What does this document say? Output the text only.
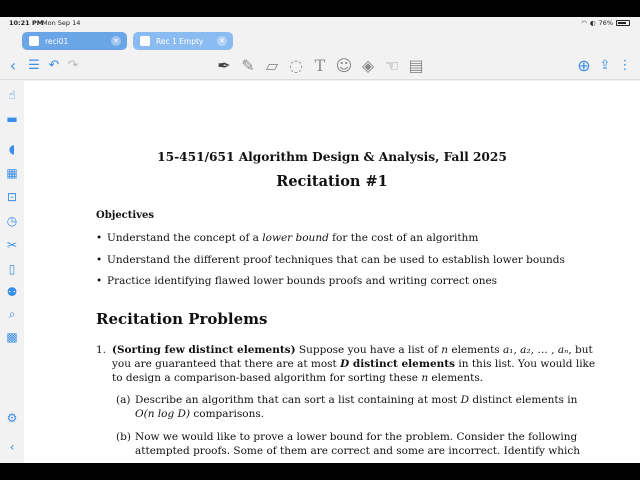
10:21 PM
Mon Sep 14	◠ ◐ 76%
reci01	✕	Rec 1 Empty ✕
‹ ☰ ↶ ↷	✒ ✎ ▱ ◌ T ☺ ◈ ☜ ▤	⊕ ⇪ ⋮
☝
▬
◖
▦
⊡
◷
✂
▯
⚉
⌕
▩
⚙
‹
15-451/651 Algorithm Design & Analysis, Fall 2025
Recitation #1
Objectives
• Understand the concept of a lower bound for the cost of an algorithm
• Understand the different proof techniques that can be used to establish lower bounds
• Practice identifying flawed lower bounds proofs and writing correct ones
Recitation Problems
1. (Sorting few distinct elements) Suppose you have a list of n elements a₁, a₂, … , aₙ, but
you are guaranteed that there are at most D distinct elements in this list. You would like
to design a comparison-based algorithm for sorting these n elements.
(a) Describe an algorithm that can sort a list containing at most D distinct elements in
O(n log D) comparisons.
(b) Now we would like to prove a lower bound for the problem. Consider the following
attempted proofs. Some of them are correct and some are incorrect. Identify which
